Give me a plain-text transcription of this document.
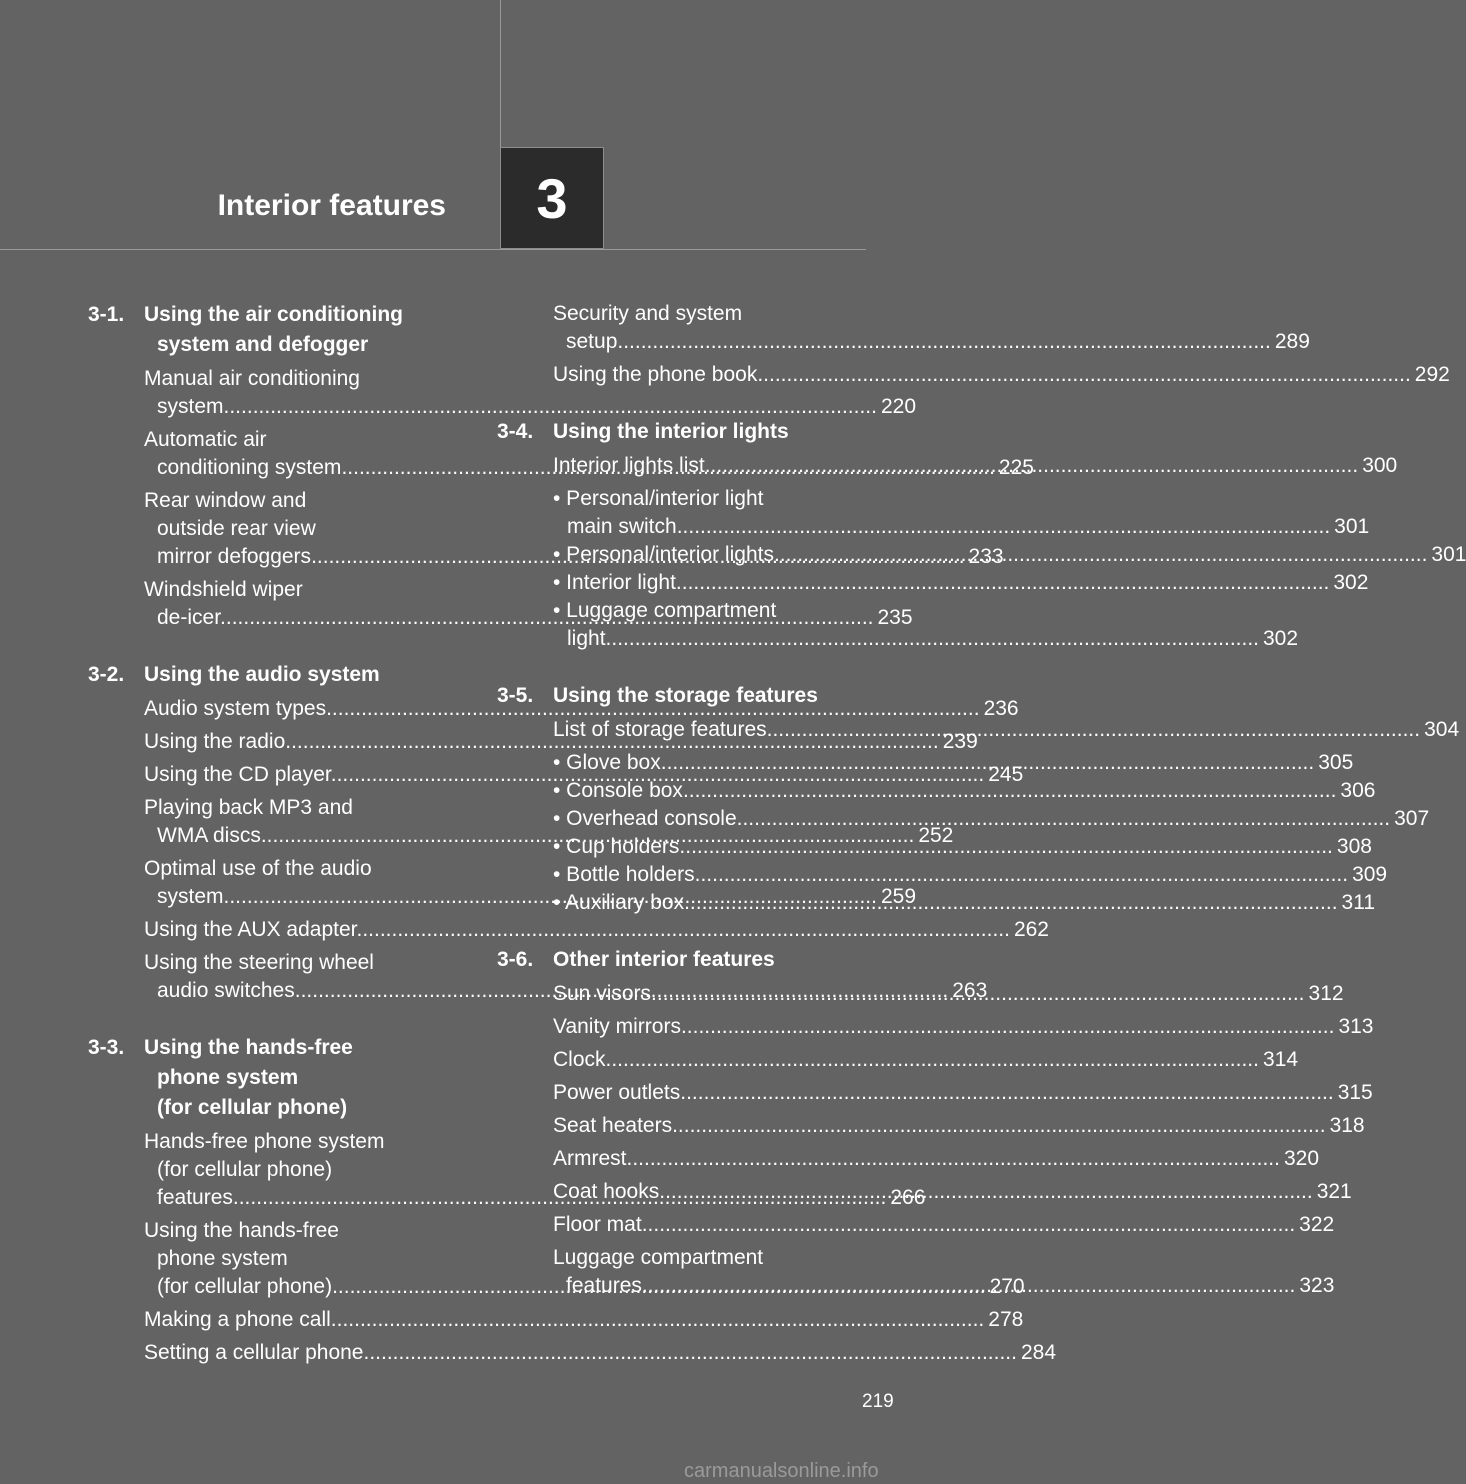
Interior features	3
3-1. Using the air conditioning
system and defogger
Manual air conditioning
system .....	220
Automatic air
conditioning system .....	225
Rear window and
outside rear view
mirror defoggers .....	233
Windshield wiper
de-icer .....	235
3-2. Using the audio system
Audio system types .....	236
Using the radio .....	239
Using the CD player .....	245
Playing back MP3 and
WMA discs .....	252
Optimal use of the audio
system .....	259
Using the AUX adapter .....	262
Using the steering wheel
audio switches .....	263
3-3. Using the hands-free
phone system
(for cellular phone)
Hands-free phone system
(for cellular phone)
features .....	266
Using the hands-free
phone system
(for cellular phone) .....	270
Making a phone call .....	278
Setting a cellular phone .....	284
Security and system
setup .....	289
Using the phone book .....	292
3-4. Using the interior lights
Interior lights list .....	300
• Personal/interior light
main switch .....	301
• Personal/interior lights .....	301
• Interior light .....	302
• Luggage compartment
light .....	302
3-5. Using the storage features
List of storage features .....	304
• Glove box .....	305
• Console box .....	306
• Overhead console .....	307
• Cup holders .....	308
• Bottle holders .....	309
• Auxiliary box .....	311
3-6. Other interior features
Sun visors .....	312
Vanity mirrors .....	313
Clock .....	314
Power outlets .....	315
Seat heaters .....	318
Armrest .....	320
Coat hooks .....	321
Floor mat .....	322
Luggage compartment
features .....	323
219
carmanualsonline.info
